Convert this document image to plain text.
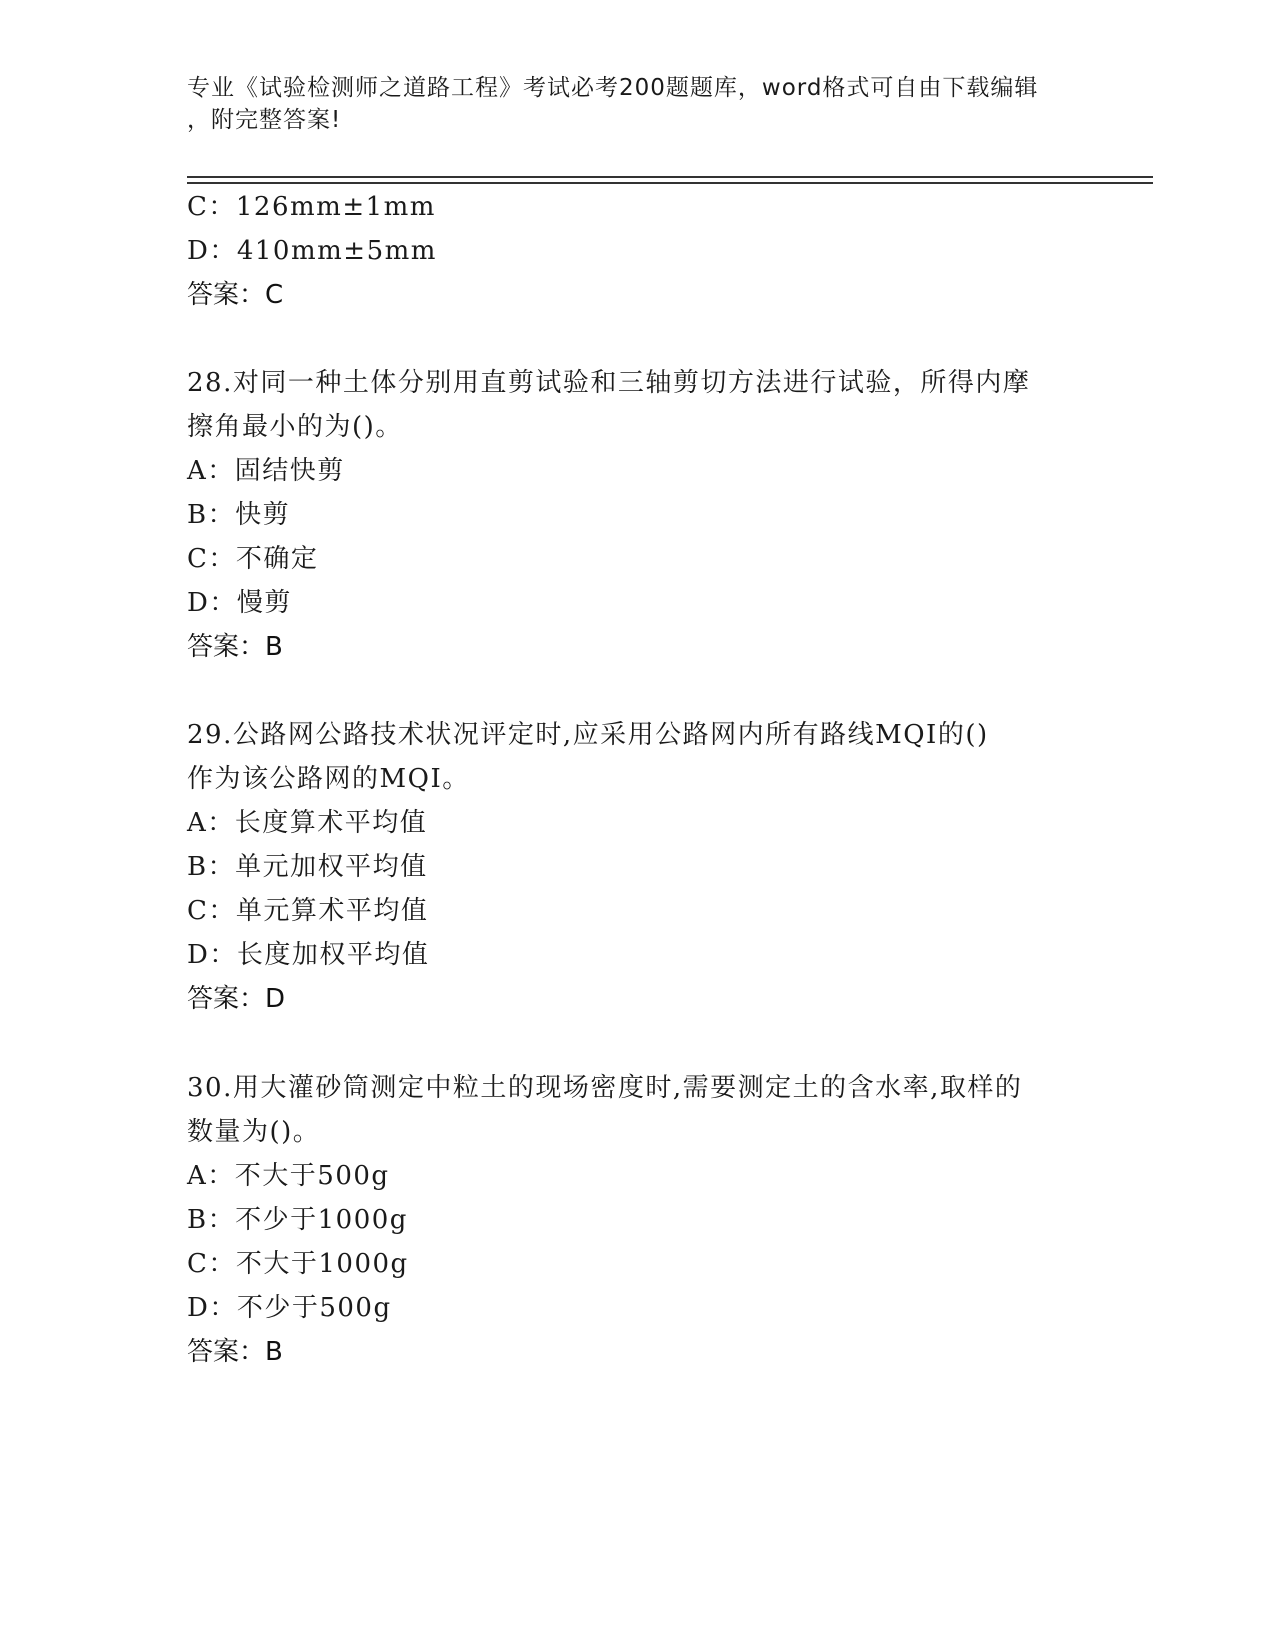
专业《试验检测师之道路工程》考试必考200题题库，word格式可自由下载编辑
，附完整答案!
C：126mm±1mm
D：410mm±5mm
答案：C
28.对同一种土体分别用直剪试验和三轴剪切方法进行试验，所得内摩
擦角最小的为()。
A：固结快剪
B：快剪
C：不确定
D：慢剪
答案：B
29.公路网公路技术状况评定时,应采用公路网内所有路线MQI的()
作为该公路网的MQI。
A：长度算术平均值
B：单元加权平均值
C：单元算术平均值
D：长度加权平均值
答案：D
30.用大灌砂筒测定中粒土的现场密度时,需要测定土的含水率,取样的
数量为()。
A：不大于500g
B：不少于1000g
C：不大于1000g
D：不少于500g
答案：B
